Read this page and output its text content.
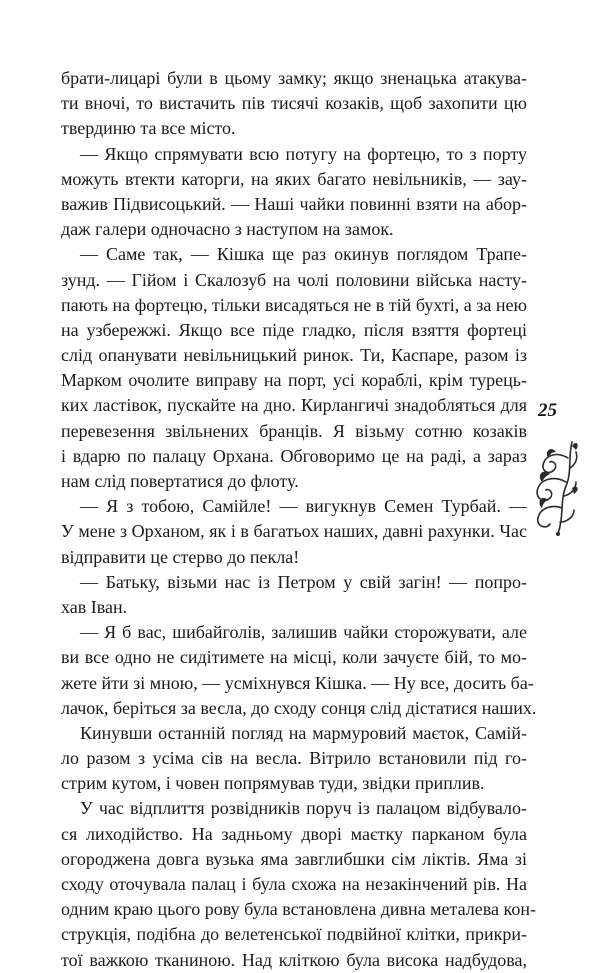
брати-лицарі були в цьому замку; якщо зненацька атакува-
ти вночі, то вистачить пів тисячі козаків, щоб захопити цю
твердиню та все місто.
— Якщо спрямувати всю потугу на фортецю, то з порту
можуть втекти каторги, на яких багато невільників, — зау-
важив Підвисоцький. — Наші чайки повинні взяти на абор-
даж галери одночасно з наступом на замок.
— Саме так, — Кішка ще раз окинув поглядом Трапе-
зунд. — Гійом і Скалозуб на чолі половини війська насту-
пають на фортецю, тільки висадяться не в тій бухті, а за нею
на узбережжі. Якщо все піде гладко, після взяття фортеці
слід опанувати невільницький ринок. Ти, Каспаре, разом із
Марком очолите виправу на порт, усі кораблі, крім турець-
ких ластівок, пускайте на дно. Кирлангичі знадобляться для
перевезення звільнених бранців. Я візьму сотню козаків
і вдарю по палацу Орхана. Обговоримо це на раді, а зараз
нам слід повертатися до флоту.
— Я з тобою, Самійле! — вигукнув Семен Турбай. —
У мене з Орханом, як і в багатьох наших, давні рахунки. Час
відправити це стерво до пекла!
— Батьку, візьми нас із Петром у свій загін! — попро-
хав Іван.
— Я б вас, шибайголів, залишив чайки сторожувати, але
ви все одно не сидітимете на місці, коли зачуєте бій, то мо-
жете йти зі мною, — усміхнувся Кішка. — Ну все, досить ба-
лачок, беріться за весла, до сходу сонця слід дістатися наших.
Кинувши останній погляд на мармуровий маєток, Самій-
ло разом з усіма сів на весла. Вітрило встановили під го-
стрим кутом, і човен попрямував туди, звідки приплив.
У час відплиття розвідників поруч із палацом відбувало-
ся лиходійство. На задньому дворі маєтку парканом була
огороджена довга вузька яма завглибшки сім ліктів. Яма зі
сходу оточувала палац і була схожа на незакінчений рів. На
одним краю цього рову була встановлена дивна металева кон-
струкція, подібна до велетенської подвійної клітки, прикри-
тої важкою тканиною. Над кліткою була висока надбудова,
25
